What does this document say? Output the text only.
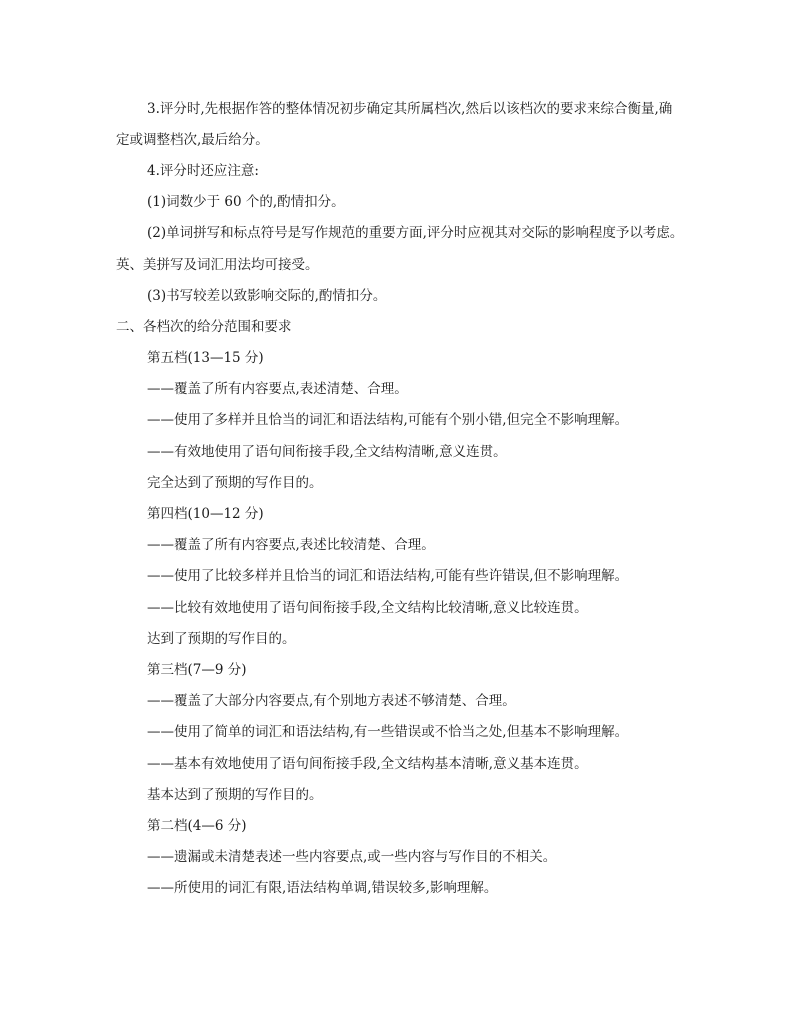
3.评分时,先根据作答的整体情况初步确定其所属档次,然后以该档次的要求来综合衡量,确
定或调整档次,最后给分。
4.评分时还应注意:
(1)词数少于 60 个的,酌情扣分。
(2)单词拼写和标点符号是写作规范的重要方面,评分时应视其对交际的影响程度予以考虑。
英、美拼写及词汇用法均可接受。
(3)书写较差以致影响交际的,酌情扣分。
二、各档次的给分范围和要求
第五档(13—15 分)
——覆盖了所有内容要点,表述清楚、合理。
——使用了多样并且恰当的词汇和语法结构,可能有个别小错,但完全不影响理解。
——有效地使用了语句间衔接手段,全文结构清晰,意义连贯。
完全达到了预期的写作目的。
第四档(10—12 分)
——覆盖了所有内容要点,表述比较清楚、合理。
——使用了比较多样并且恰当的词汇和语法结构,可能有些许错误,但不影响理解。
——比较有效地使用了语句间衔接手段,全文结构比较清晰,意义比较连贯。
达到了预期的写作目的。
第三档(7—9 分)
——覆盖了大部分内容要点,有个别地方表述不够清楚、合理。
——使用了简单的词汇和语法结构,有一些错误或不恰当之处,但基本不影响理解。
——基本有效地使用了语句间衔接手段,全文结构基本清晰,意义基本连贯。
基本达到了预期的写作目的。
第二档(4—6 分)
——遗漏或未清楚表述一些内容要点,或一些内容与写作目的不相关。
——所使用的词汇有限,语法结构单调,错误较多,影响理解。
